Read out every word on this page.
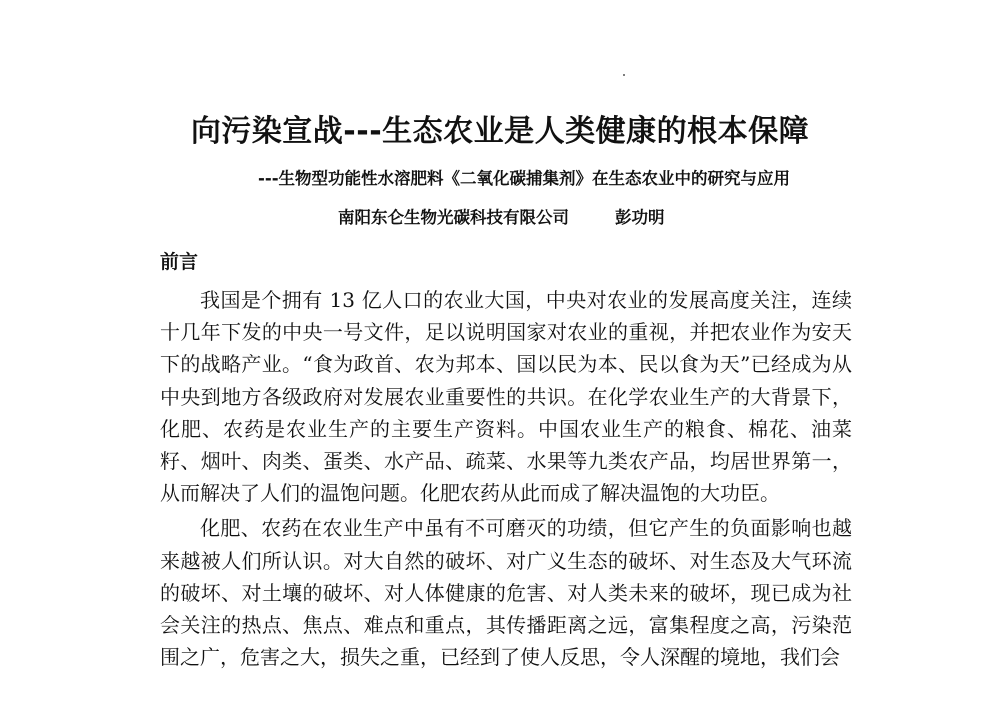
向污染宣战---生态农业是人类健康的根本保障
---生物型功能性水溶肥料《二氧化碳捕集剂》在生态农业中的研究与应用
南阳东仑生物光碳科技有限公司	彭功明
前言

我国是个拥有 13 亿人口的农业大国，中央对农业的发展高度关注，连续十几年下发的中央一号文件，足以说明国家对农业的重视，并把农业作为安天下的战略产业。“食为政首、农为邦本、国以民为本、民以食为天”已经成为从中央到地方各级政府对发展农业重要性的共识。在化学农业生产的大背景下，化肥、农药是农业生产的主要生产资料。中国农业生产的粮食、棉花、油菜籽、烟叶、肉类、蛋类、水产品、疏菜、水果等九类农产品，均居世界第一，从而解决了人们的温饱问题。化肥农药从此而成了解决温饱的大功臣。

化肥、农药在农业生产中虽有不可磨灭的功绩，但它产生的负面影响也越来越被人们所认识。对大自然的破坏、对广义生态的破坏、对生态及大气环流的破坏、对土壤的破坏、对人体健康的危害、对人类未来的破坏，现已成为社会关注的热点、焦点、难点和重点，其传播距离之远，富集程度之高，污染范围之广，危害之大，损失之重，已经到了使人反思，令人深醒的境地，我们会
